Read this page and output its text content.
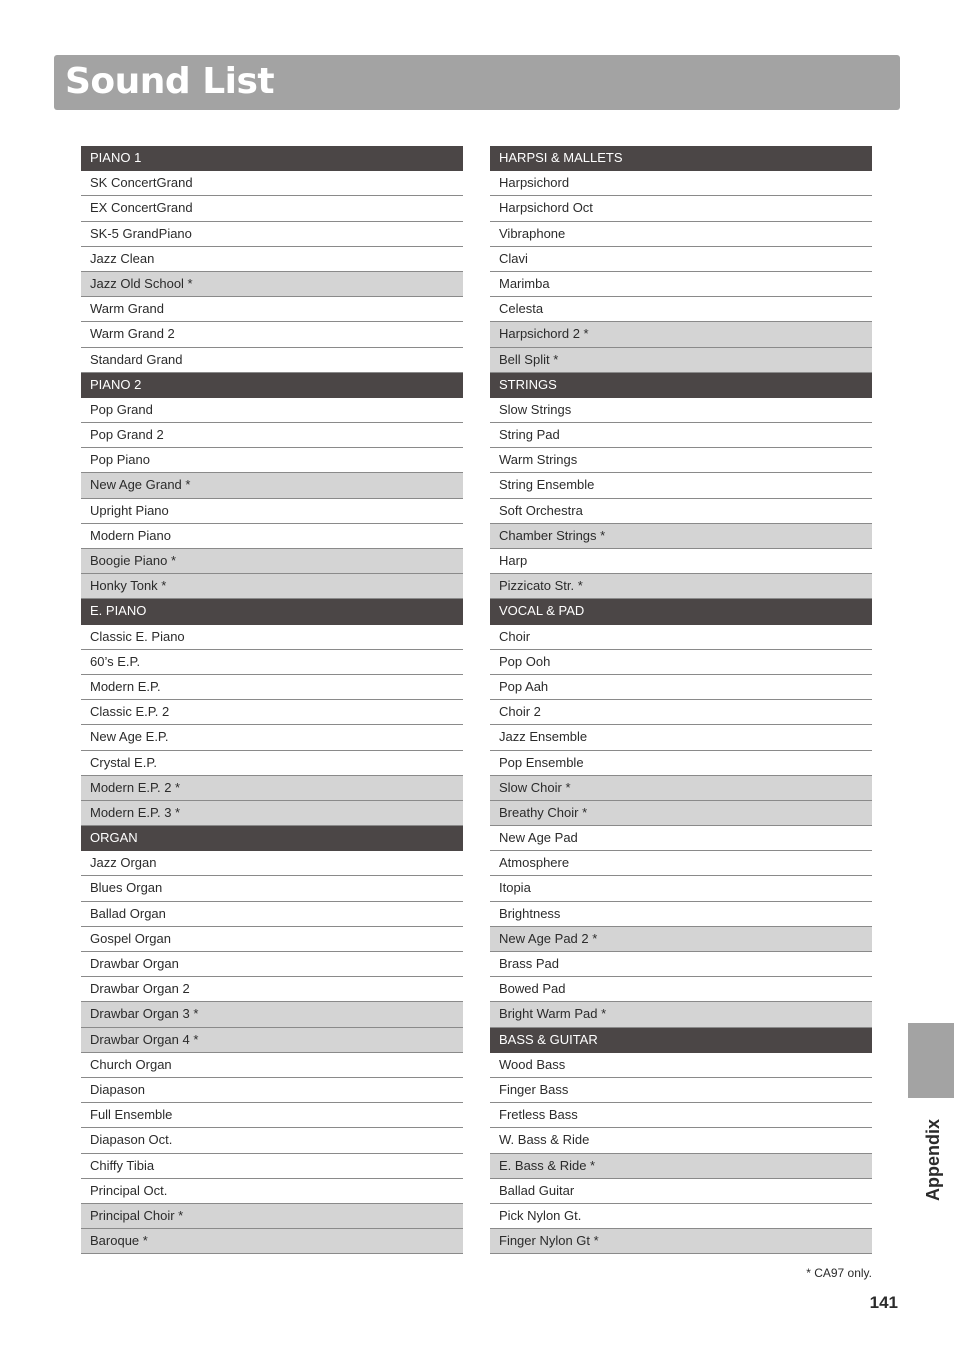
Sound List
PIANO 1
SK ConcertGrand
EX ConcertGrand
SK-5 GrandPiano
Jazz Clean
Jazz Old School *
Warm Grand
Warm Grand 2
Standard Grand
PIANO 2
Pop Grand
Pop Grand 2
Pop Piano
New Age Grand *
Upright Piano
Modern Piano
Boogie Piano *
Honky Tonk *
E. PIANO
Classic E. Piano
60’s E.P.
Modern E.P.
Classic E.P. 2
New Age E.P.
Crystal E.P.
Modern E.P. 2 *
Modern E.P. 3 *
ORGAN
Jazz Organ
Blues Organ
Ballad Organ
Gospel Organ
Drawbar Organ
Drawbar Organ 2
Drawbar Organ 3 *
Drawbar Organ 4 *
Church Organ
Diapason
Full Ensemble
Diapason Oct.
Chiffy Tibia
Principal Oct.
Principal Choir *
Baroque *
HARPSI & MALLETS
Harpsichord
Harpsichord Oct
Vibraphone
Clavi
Marimba
Celesta
Harpsichord 2 *
Bell Split *
STRINGS
Slow Strings
String Pad
Warm Strings
String Ensemble
Soft Orchestra
Chamber Strings *
Harp
Pizzicato Str. *
VOCAL & PAD
Choir
Pop Ooh
Pop Aah
Choir 2
Jazz Ensemble
Pop Ensemble
Slow Choir *
Breathy Choir *
New Age Pad
Atmosphere
Itopia
Brightness
New Age Pad 2 *
Brass Pad
Bowed Pad
Bright Warm Pad *
BASS & GUITAR
Wood Bass
Finger Bass
Fretless Bass
W. Bass & Ride
E. Bass & Ride *
Ballad Guitar
Pick Nylon Gt.
Finger Nylon Gt *
* CA97 only.
141
Appendix
